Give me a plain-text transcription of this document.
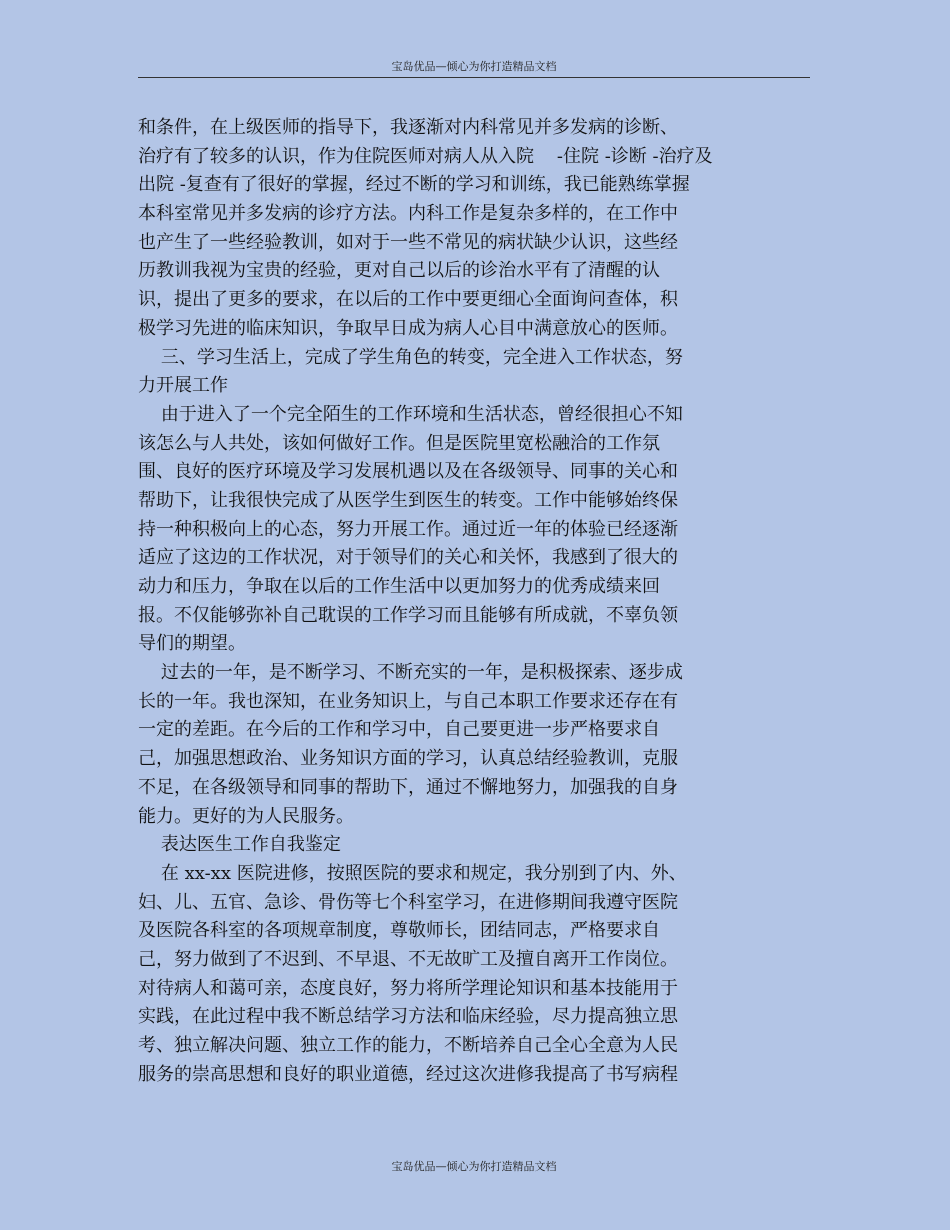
宝岛优品—倾心为你打造精品文档
和条件，在上级医师的指导下，我逐渐对内科常见并多发病的诊断、
治疗有了较多的认识，作为住院医师对病人从入院    -住院 -诊断 -治疗及
出院 -复查有了很好的掌握，经过不断的学习和训练，我已能熟练掌握
本科室常见并多发病的诊疗方法。内科工作是复杂多样的，在工作中
也产生了一些经验教训，如对于一些不常见的病状缺少认识，这些经
历教训我视为宝贵的经验，更对自己以后的诊治水平有了清醒的认
识，提出了更多的要求，在以后的工作中要更细心全面询问查体，积
极学习先进的临床知识，争取早日成为病人心目中满意放心的医师。
三、学习生活上，完成了学生角色的转变，完全进入工作状态，努
力开展工作
由于进入了一个完全陌生的工作环境和生活状态，曾经很担心不知
该怎么与人共处，该如何做好工作。但是医院里宽松融洽的工作氛
围、良好的医疗环境及学习发展机遇以及在各级领导、同事的关心和
帮助下，让我很快完成了从医学生到医生的转变。工作中能够始终保
持一种积极向上的心态，努力开展工作。通过近一年的体验已经逐渐
适应了这边的工作状况，对于领导们的关心和关怀，我感到了很大的
动力和压力，争取在以后的工作生活中以更加努力的优秀成绩来回
报。不仅能够弥补自己耽误的工作学习而且能够有所成就，不辜负领
导们的期望。
过去的一年，是不断学习、不断充实的一年，是积极探索、逐步成
长的一年。我也深知，在业务知识上，与自己本职工作要求还存在有
一定的差距。在今后的工作和学习中，自己要更进一步严格要求自
己，加强思想政治、业务知识方面的学习，认真总结经验教训，克服
不足，在各级领导和同事的帮助下，通过不懈地努力，加强我的自身
能力。更好的为人民服务。
表达医生工作自我鉴定
在 xx-xx 医院进修，按照医院的要求和规定，我分别到了内、外、
妇、儿、五官、急诊、骨伤等七个科室学习，在进修期间我遵守医院
及医院各科室的各项规章制度，尊敬师长，团结同志，严格要求自
己，努力做到了不迟到、不早退、不无故旷工及擅自离开工作岗位。
对待病人和蔼可亲，态度良好，努力将所学理论知识和基本技能用于
实践，在此过程中我不断总结学习方法和临床经验，尽力提高独立思
考、独立解决问题、独立工作的能力，不断培养自己全心全意为人民
服务的崇高思想和良好的职业道德，经过这次进修我提高了书写病程
宝岛优品—倾心为你打造精品文档
